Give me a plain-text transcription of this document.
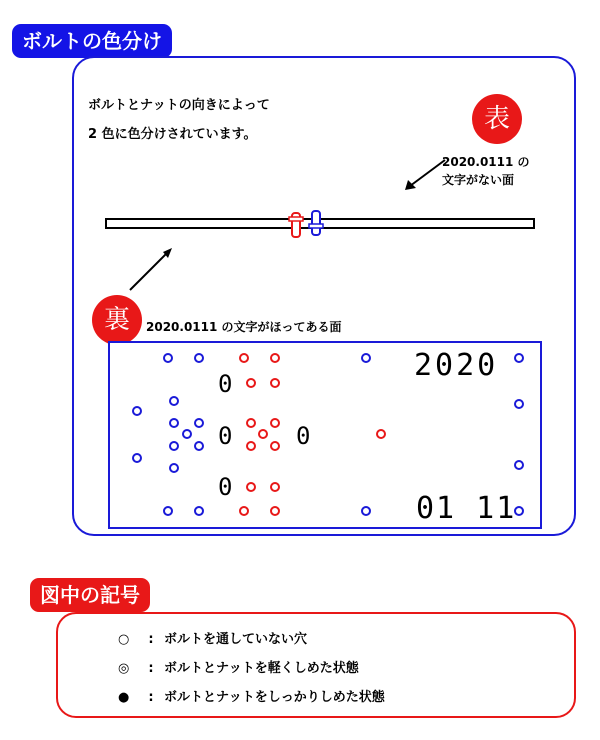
ボルトの色分け
ボルトとナットの向きによって
2 色に色分けされています。
表
2020.0111 の
文字がない面
裏	2020.0111 の文字がほってある面
0
0	0
0
2020
01 11
図中の記号
○ : ボルトを通していない穴
◎ : ボルトとナットを軽くしめた状態
● : ボルトとナットをしっかりしめた状態
